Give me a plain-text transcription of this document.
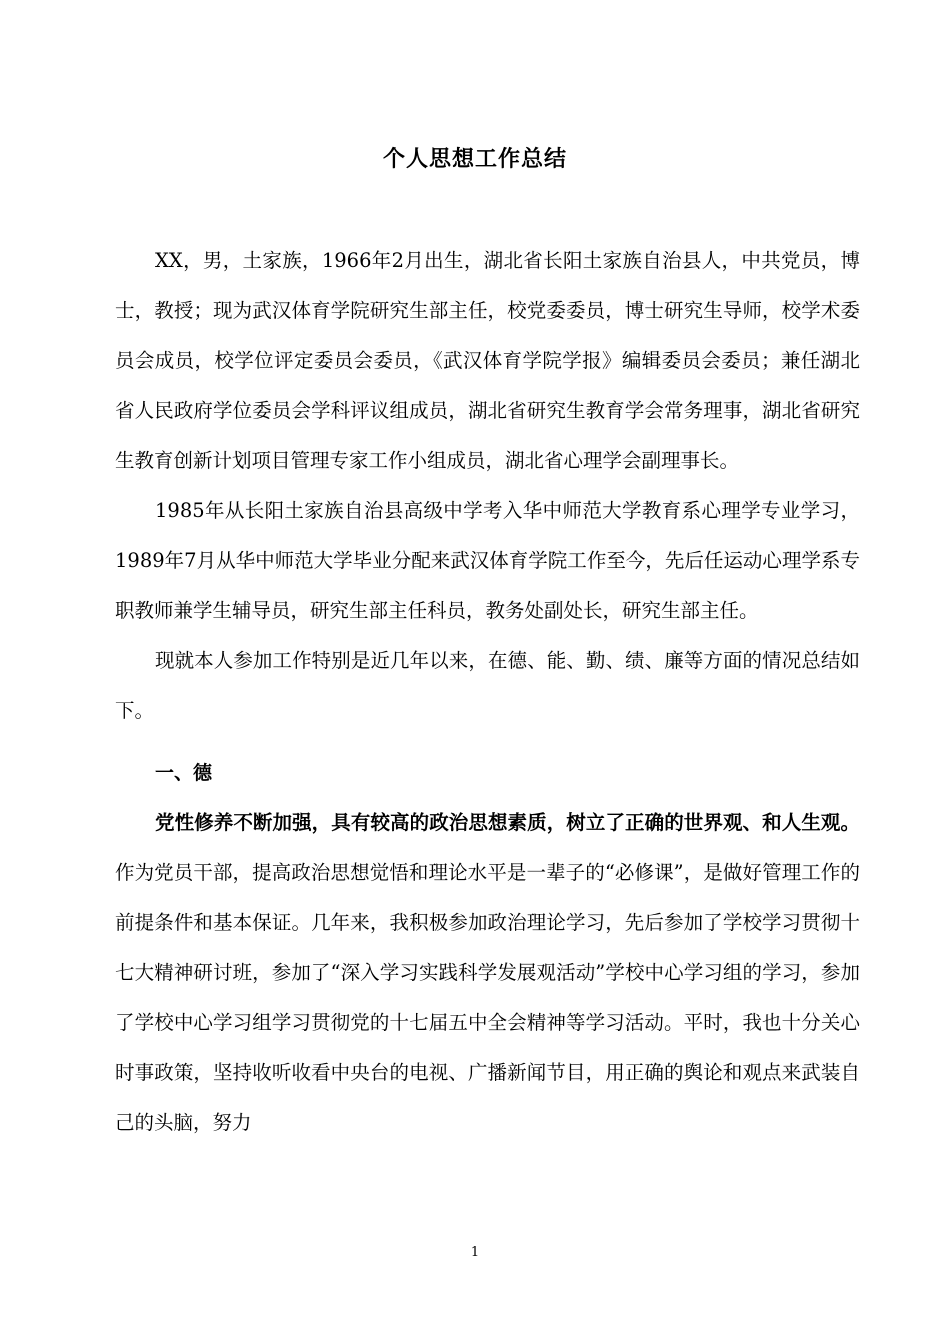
个人思想工作总结

XX，男，土家族，1966年2月出生，湖北省长阳土家族自治县人，中共党员，博士，教授；现为武汉体育学院研究生部主任，校党委委员，博士研究生导师，校学术委员会成员，校学位评定委员会委员，《武汉体育学院学报》编辑委员会委员；兼任湖北省人民政府学位委员会学科评议组成员，湖北省研究生教育学会常务理事，湖北省研究生教育创新计划项目管理专家工作小组成员，湖北省心理学会副理事长。

1985年从长阳土家族自治县高级中学考入华中师范大学教育系心理学专业学习，1989年7月从华中师范大学毕业分配来武汉体育学院工作至今，先后任运动心理学系专职教师兼学生辅导员，研究生部主任科员，教务处副处长，研究生部主任。

现就本人参加工作特别是近几年以来，在德、能、勤、绩、廉等方面的情况总结如下。

一、德

党性修养不断加强，具有较高的政治思想素质，树立了正确的世界观、和人生观。作为党员干部，提高政治思想觉悟和理论水平是一辈子的“必修课”，是做好管理工作的前提条件和基本保证。几年来，我积极参加政治理论学习，先后参加了学校学习贯彻十七大精神研讨班，参加了“深入学习实践科学发展观活动”学校中心学习组的学习，参加了学校中心学习组学习贯彻党的十七届五中全会精神等学习活动。平时，我也十分关心时事政策，坚持收听收看中央台的电视、广播新闻节目，用正确的舆论和观点来武装自己的头脑，努力

1
